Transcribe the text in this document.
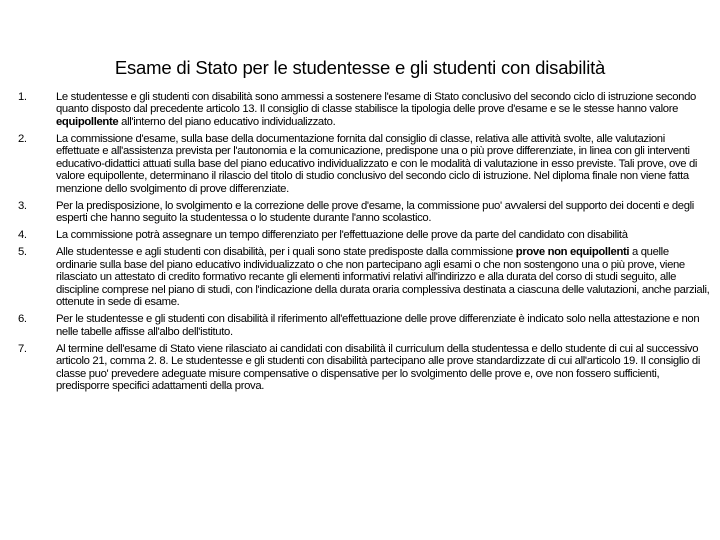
Esame di Stato per le studentesse e gli studenti con disabilità
1.	Le studentesse e gli studenti con disabilità sono ammessi a sostenere l'esame di Stato conclusivo del secondo ciclo di istruzione secondo quanto disposto dal precedente articolo 13. Il consiglio di classe stabilisce la tipologia delle prove d'esame e se le stesse hanno valore equipollente all'interno del piano educativo individualizzato.
2.	La commissione d'esame, sulla base della documentazione fornita dal consiglio di classe, relativa alle attività svolte, alle valutazioni effettuate e all'assistenza prevista per l'autonomia e la comunicazione, predispone una o più prove differenziate, in linea con gli interventi educativo-didattici attuati sulla base del piano educativo individualizzato e con le modalità di valutazione in esso previste. Tali prove, ove di valore equipollente, determinano il rilascio del titolo di studio conclusivo del secondo ciclo di istruzione. Nel diploma finale non viene fatta menzione dello svolgimento di prove differenziate.
3.	Per la predisposizione, lo svolgimento e la correzione delle prove d'esame, la commissione puo' avvalersi del supporto dei docenti e degli esperti che hanno seguito la studentessa o lo studente durante l'anno scolastico.
4.	La commissione potrà assegnare un tempo differenziato per l'effettuazione delle prove da parte del candidato con disabilità
5.	Alle studentesse e agli studenti con disabilità, per i quali sono state predisposte dalla commissione prove non equipollenti a quelle ordinarie sulla base del piano educativo individualizzato o che non partecipano agli esami o che non sostengono una o più prove, viene rilasciato un attestato di credito formativo recante gli elementi informativi relativi all'indirizzo e alla durata del corso di studi seguito, alle discipline comprese nel piano di studi, con l'indicazione della durata oraria complessiva destinata a ciascuna delle valutazioni, anche parziali, ottenute in sede di esame.
6.	Per le studentesse e gli studenti con disabilità il riferimento all'effettuazione delle prove differenziate è indicato solo nella attestazione e non nelle tabelle affisse all'albo dell'istituto.
7.	Al termine dell'esame di Stato viene rilasciato ai candidati con disabilità il curriculum della studentessa e dello studente di cui al successivo articolo 21, comma 2. 8. Le studentesse e gli studenti con disabilità partecipano alle prove standardizzate di cui all'articolo 19. Il consiglio di classe puo' prevedere adeguate misure compensative o dispensative per lo svolgimento delle prove e, ove non fossero sufficienti, predisporre specifici adattamenti della prova.
